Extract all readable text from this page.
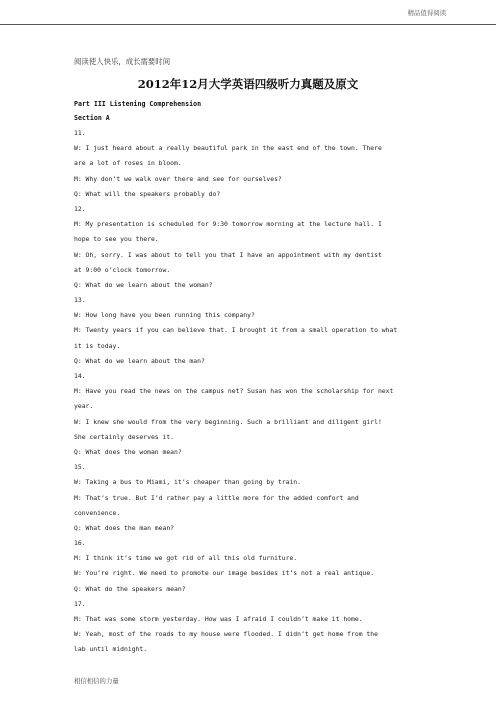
精品值得阅读
阅读使人快乐，成长需要时间
2012年12月大学英语四级听力真题及原文
Part III Listening Comprehension
Section A
11.
W: I just heard about a really beautiful park in the east end of the town. There
are a lot of roses in bloom.
M: Why don’t we walk over there and see for ourselves?
Q: What will the speakers probably do?
12.
M: My presentation is scheduled for 9:30 tomorrow morning at the lecture hall. I
hope to see you there.
W: Oh, sorry. I was about to tell you that I have an appointment with my dentist
at 9:00 o’clock tomorrow.
Q: What do we learn about the woman?
13.
W: How long have you been running this company?
M: Twenty years if you can believe that. I brought it from a small operation to what
it is today.
Q: What do we learn about the man?
14.
M: Have you read the news on the campus net? Susan has won the scholarship for next
year.
W: I knew she would from the very beginning. Such a brilliant and diligent girl!
She certainly deserves it.
Q: What does the woman mean?
15.
W: Taking a bus to Miami, it’s cheaper than going by train.
M: That’s true. But I’d rather pay a little more for the added comfort and
convenience.
Q: What does the man mean?
16.
M: I think it’s time we got rid of all this old furniture.
W: You’re right. We need to promote our image besides it’s not a real antique.
Q: What do the speakers mean?
17.
M: That was some storm yesterday. How was I afraid I couldn’t make it home.
W: Yeah, most of the roads to my house were flooded. I didn’t get home from the
lab until midnight.
相信相信的力量
